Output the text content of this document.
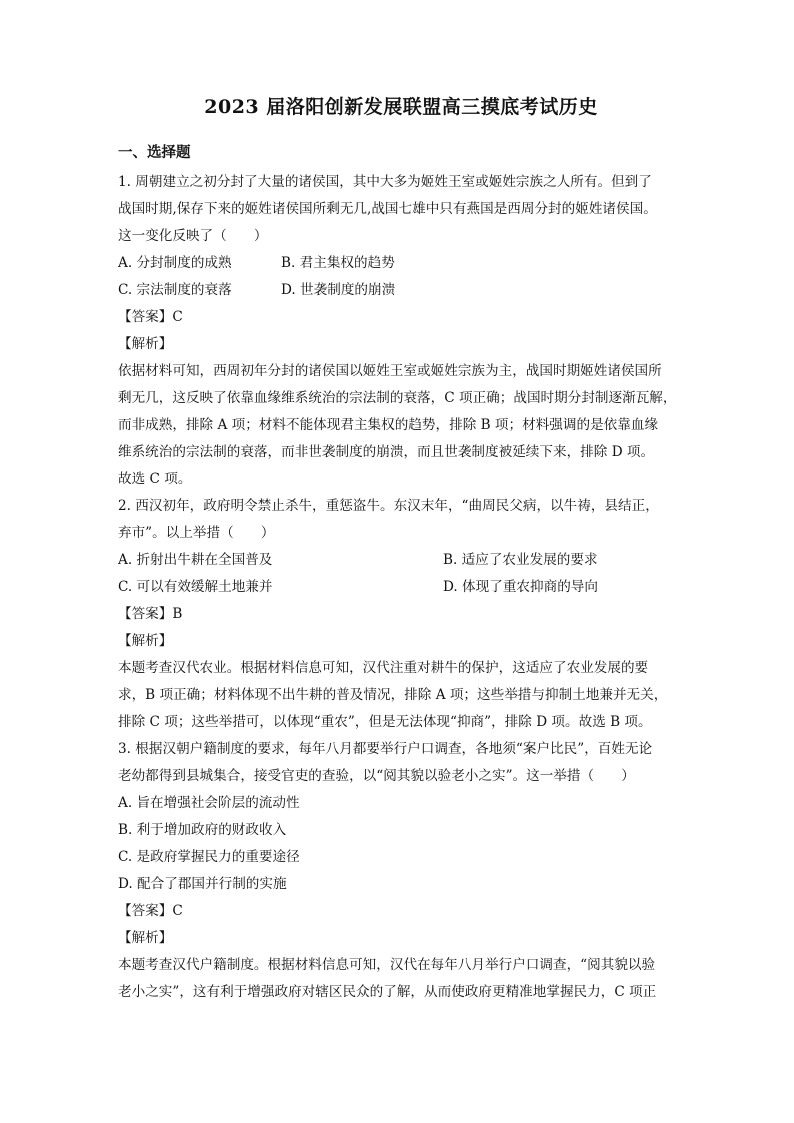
2023 届洛阳创新发展联盟高三摸底考试历史
一、选择题

1. 周朝建立之初分封了大量的诸侯国，其中大多为姬姓王室或姬姓宗族之人所有。但到了

战国时期,保存下来的姬姓诸侯国所剩无几,战国七雄中只有燕国是西周分封的姬姓诸侯国。

这一变化反映了（　　）

A. 分封制度的成熟	B. 君主集权的趋势
C. 宗法制度的衰落	D. 世袭制度的崩溃

【答案】C

【解析】

依据材料可知，西周初年分封的诸侯国以姬姓王室或姬姓宗族为主，战国时期姬姓诸侯国所

剩无几，这反映了依靠血缘维系统治的宗法制的衰落，C 项正确；战国时期分封制逐渐瓦解，

而非成熟，排除 A 项；材料不能体现君主集权的趋势，排除 B 项；材料强调的是依靠血缘

维系统治的宗法制的衰落，而非世袭制度的崩溃，而且世袭制度被延续下来，排除 D 项。

故选 C 项。

2. 西汉初年，政府明令禁止杀牛，重惩盗牛。东汉末年，“曲周民父病，以牛祷，县结正，

弃市”。以上举措（　　）

A. 折射出牛耕在全国普及	B. 适应了农业发展的要求
C. 可以有效缓解土地兼并	D. 体现了重农抑商的导向

【答案】B

【解析】

本题考查汉代农业。根据材料信息可知，汉代注重对耕牛的保护，这适应了农业发展的要

求，B 项正确；材料体现不出牛耕的普及情况，排除 A 项；这些举措与抑制土地兼并无关，

排除 C 项；这些举措可，以体现“重农”，但是无法体现“抑商”，排除 D 项。故选 B 项。

3. 根据汉朝户籍制度的要求，每年八月都要举行户口调查，各地须“案户比民”，百姓无论

老幼都得到县城集合，接受官吏的查验，以“阅其貌以验老小之实”。这一举措（　　）

A. 旨在增强社会阶层的流动性

B. 利于增加政府的财政收入

C. 是政府掌握民力的重要途径

D. 配合了郡国并行制的实施

【答案】C

【解析】

本题考查汉代户籍制度。根据材料信息可知，汉代在每年八月举行户口调查，“阅其貌以验

老小之实”，这有利于增强政府对辖区民众的了解，从而使政府更精准地掌握民力，C 项正
